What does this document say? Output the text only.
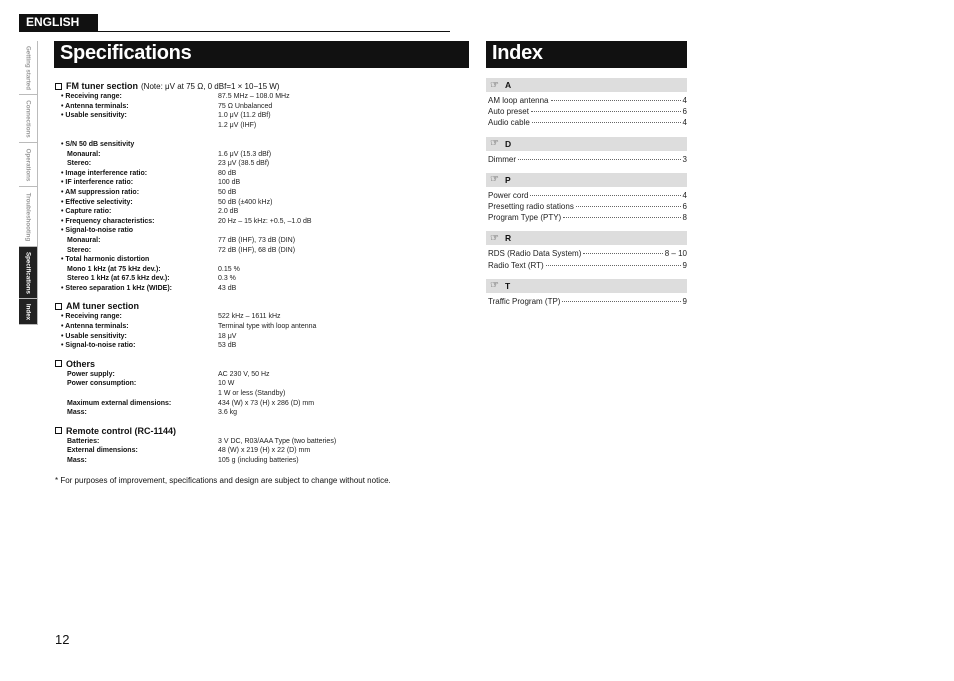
ENGLISH
Getting started
Connections
Operations
Troubleshooting
Specifications
Index
Specifications	Index
FM tuner section (Note: μV at 75 Ω, 0 dBf=1 × 10−15 W)
• Receiving range:	87.5 MHz – 108.0 MHz
• Antenna terminals:	75 Ω Unbalanced
• Usable sensitivity:	1.0 μV (11.2 dBf)
1.2 μV (IHF)
• S/N 50 dB sensitivity
Monaural:	1.6 μV (15.3 dBf)
Stereo:	23 μV (38.5 dBf)
• Image interference ratio:	80 dB
• IF interference ratio:	100 dB
• AM suppression ratio:	50 dB
• Effective selectivity:	50 dB (±400 kHz)
• Capture ratio:	2.0 dB
• Frequency characteristics:	20 Hz – 15 kHz: +0.5, –1.0 dB
• Signal-to-noise ratio
Monaural:	77 dB (IHF), 73 dB (DIN)
Stereo:	72 dB (IHF), 68 dB (DIN)
• Total harmonic distortion
Mono 1 kHz (at 75 kHz dev.):	0.15 %
Stereo 1 kHz (at 67.5 kHz dev.):	0.3 %
• Stereo separation 1 kHz (WIDE):	43 dB
AM tuner section
• Receiving range:	522 kHz – 1611 kHz
• Antenna terminals:	Terminal type with loop antenna
• Usable sensitivity:	18 μV
• Signal-to-noise ratio:	53 dB
Others
Power supply:	AC 230 V, 50 Hz
Power consumption:	10 W
1 W or less (Standby)
Maximum external dimensions:	434 (W) x 73 (H) x 286 (D) mm
Mass:	3.6 kg
Remote control (RC-1144)
Batteries:	3 V DC, R03/AAA Type (two batteries)
External dimensions:	48 (W) x 219 (H) x 22 (D) mm
Mass:	105 g (including batteries)
* For purposes of improvement, specifications and design are subject to change without notice.
☞ A
AM loop antenna	4
Auto preset	6
Audio cable	4
☞ D
Dimmer	3
☞ P
Power cord	4
Presetting radio stations	6
Program Type (PTY)	8
☞ R
RDS (Radio Data System)	8 – 10
Radio Text (RT)	9
☞ T
Traffic Program (TP)	9
12
